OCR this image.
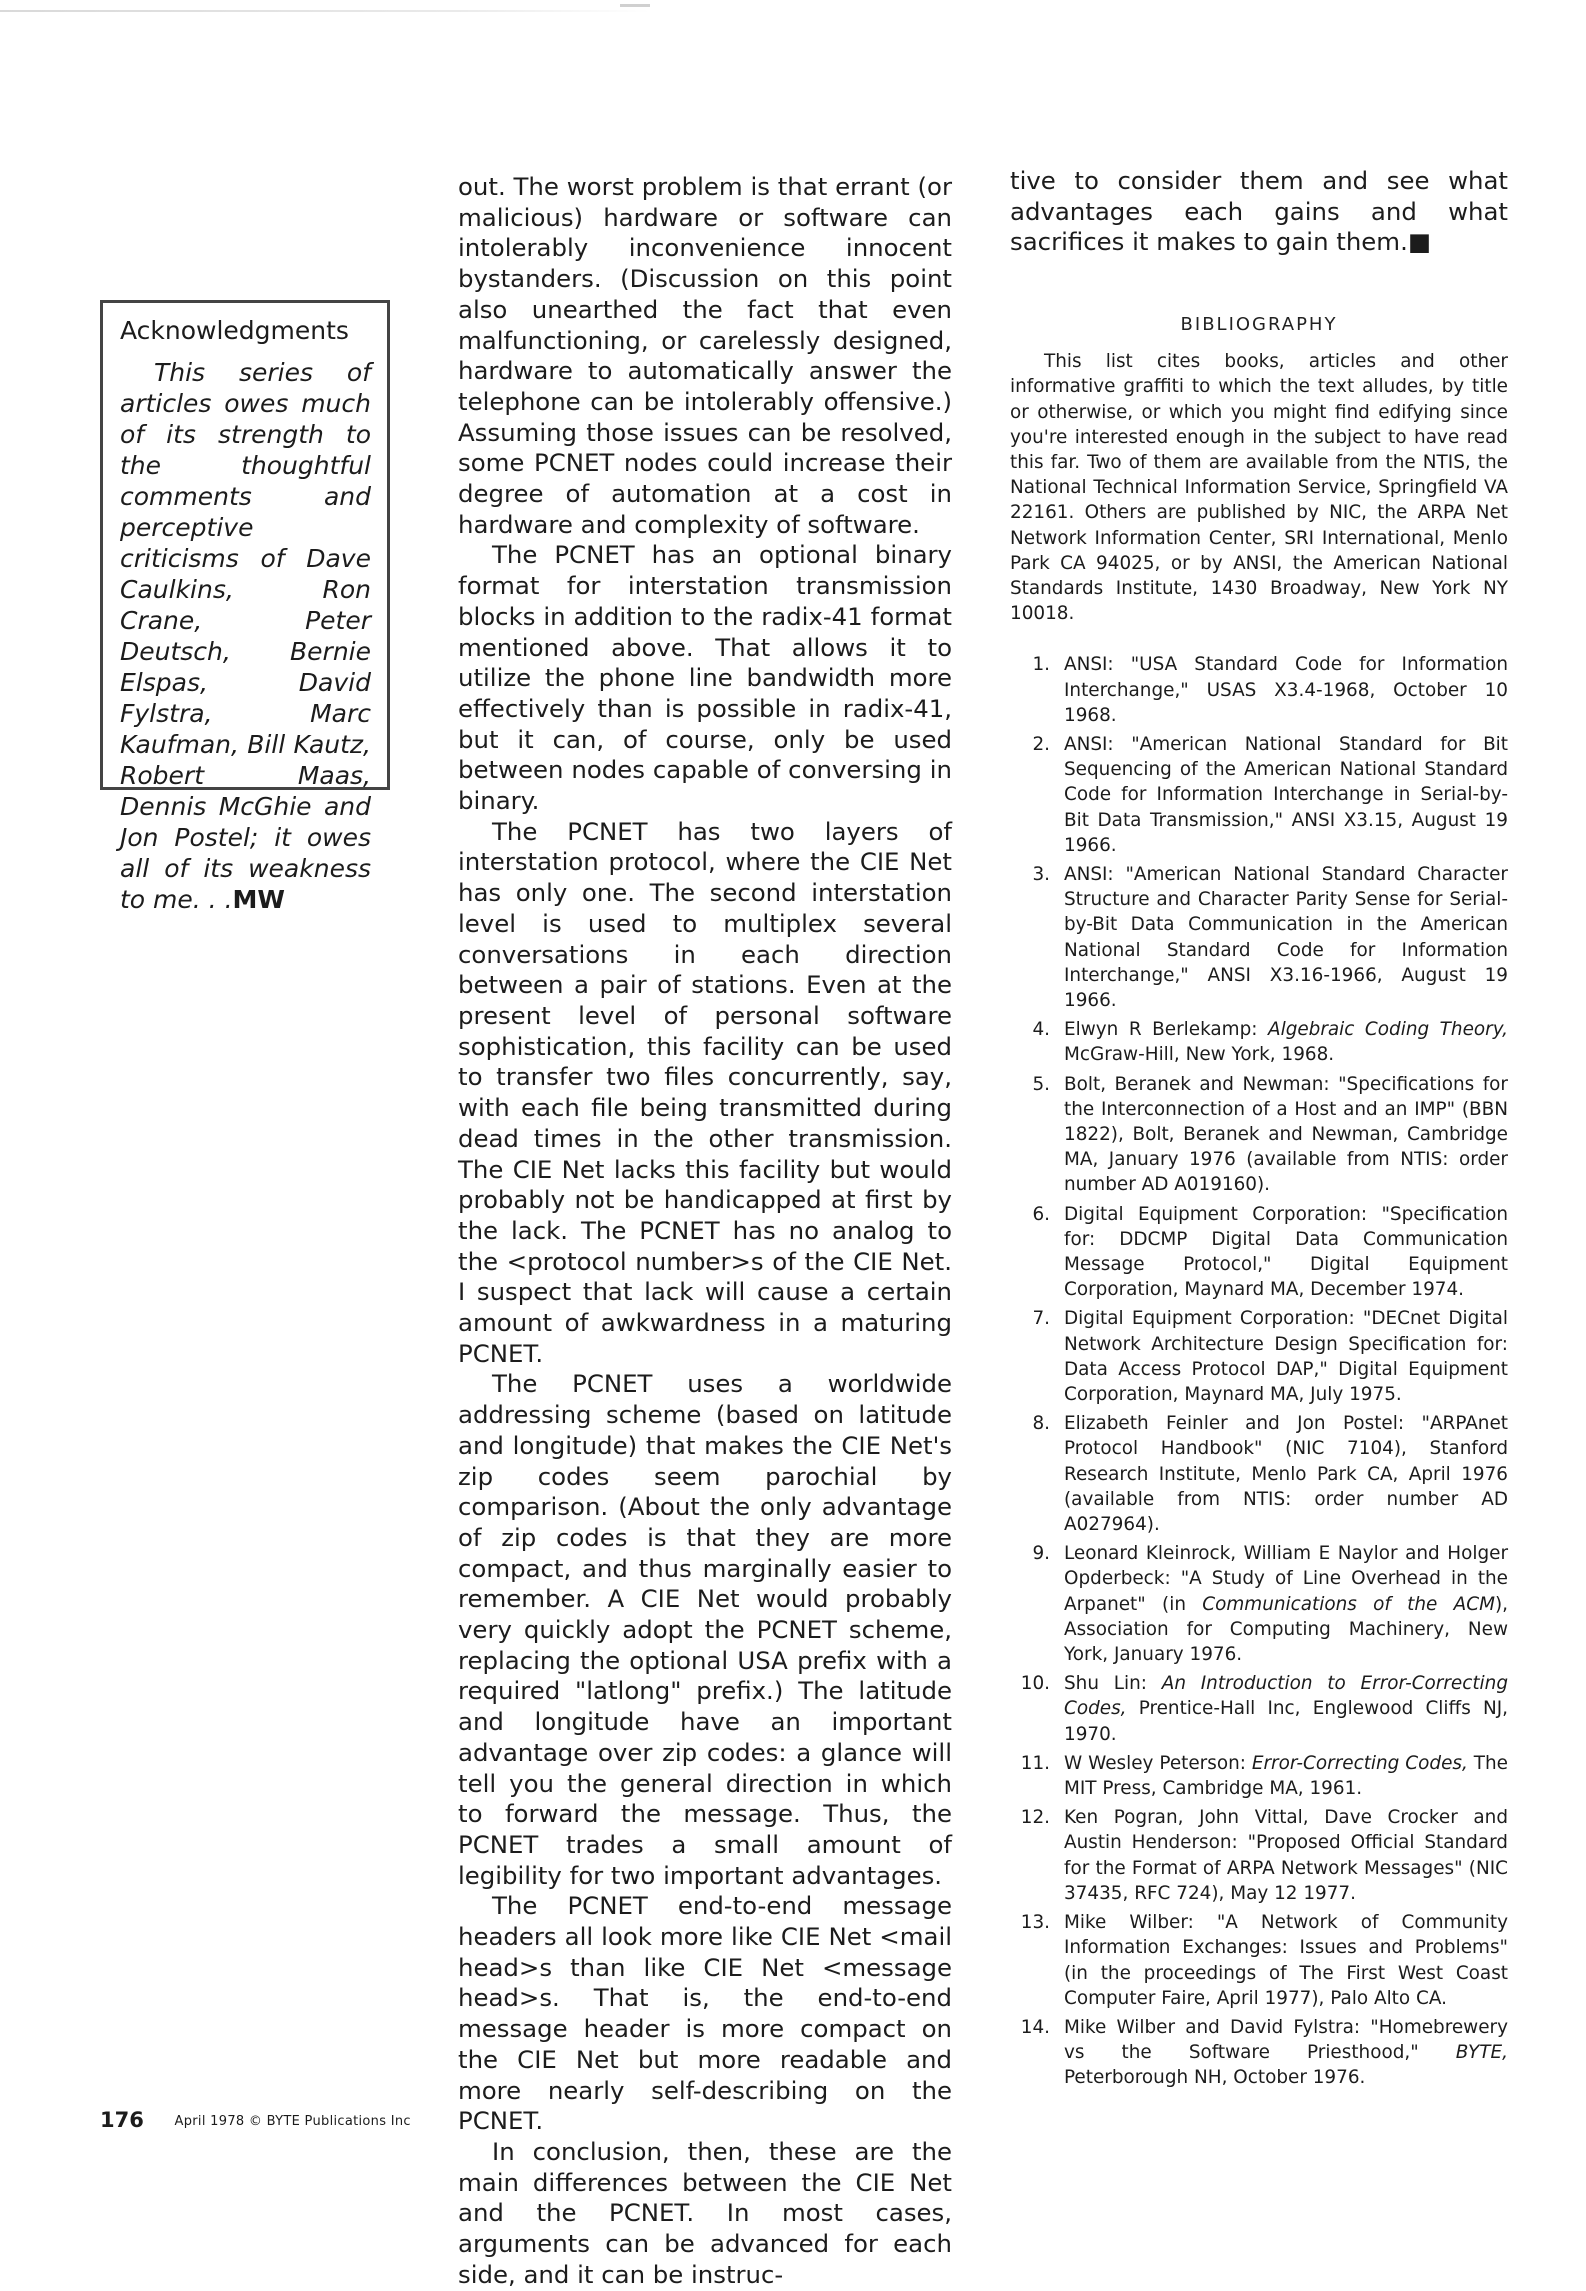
Acknowledgments
This series of articles owes much of its strength to the thoughtful comments and perceptive criticisms of Dave Caulkins, Ron Crane, Peter Deutsch, Bernie Elspas, David Fylstra, Marc Kaufman, Bill Kautz, Robert Maas, Dennis McGhie and Jon Postel; it owes all of its weakness to me. . .MW

out. The worst problem is that errant (or malicious) hardware or software can intolerably inconvenience innocent bystanders. (Discussion on this point also unearthed the fact that even malfunctioning, or carelessly designed, hardware to automatically answer the telephone can be intolerably offensive.) Assuming those issues can be resolved, some PCNET nodes could increase their degree of automation at a cost in hardware and complexity of software.

The PCNET has an optional binary format for interstation transmission blocks in addition to the radix-41 format mentioned above. That allows it to utilize the phone line bandwidth more effectively than is possible in radix-41, but it can, of course, only be used between nodes capable of conversing in binary.

The PCNET has two layers of interstation protocol, where the CIE Net has only one. The second interstation level is used to multiplex several conversations in each direction between a pair of stations. Even at the present level of personal software sophistication, this facility can be used to transfer two files concurrently, say, with each file being transmitted during dead times in the other transmission. The CIE Net lacks this facility but would probably not be handicapped at first by the lack. The PCNET has no analog to the <protocol number>s of the CIE Net. I suspect that lack will cause a certain amount of awkwardness in a maturing PCNET.

The PCNET uses a worldwide addressing scheme (based on latitude and longitude) that makes the CIE Net's zip codes seem parochial by comparison. (About the only advantage of zip codes is that they are more compact, and thus marginally easier to remember. A CIE Net would probably very quickly adopt the PCNET scheme, replacing the optional USA prefix with a required "latlong" prefix.) The latitude and longitude have an important advantage over zip codes: a glance will tell you the general direction in which to forward the message. Thus, the PCNET trades a small amount of legibility for two important advantages.

The PCNET end-to-end message headers all look more like CIE Net <mail head>s than like CIE Net <message head>s. That is, the end-to-end message header is more compact on the CIE Net but more readable and more nearly self-describing on the PCNET.

In conclusion, then, these are the main differences between the CIE Net and the PCNET. In most cases, arguments can be advanced for each side, and it can be instruc-

tive to consider them and see what advantages each gains and what sacrifices it makes to gain them.■

BIBLIOGRAPHY

This list cites books, articles and other informative graffiti to which the text alludes, by title or otherwise, or which you might find edifying since you're interested enough in the subject to have read this far. Two of them are available from the NTIS, the National Technical Information Service, Springfield VA 22161. Others are published by NIC, the ARPA Net Network Information Center, SRI International, Menlo Park CA 94025, or by ANSI, the American National Standards Institute, 1430 Broadway, New York NY 10018.

1. ANSI: "USA Standard Code for Information Interchange," USAS X3.4-1968, October 10 1968.
2. ANSI: "American National Standard for Bit Sequencing of the American National Standard Code for Information Interchange in Serial-by-Bit Data Transmission," ANSI X3.15, August 19 1966.
3. ANSI: "American National Standard Character Structure and Character Parity Sense for Serial-by-Bit Data Communication in the American National Standard Code for Information Interchange," ANSI X3.16-1966, August 19 1966.
4. Elwyn R Berlekamp: Algebraic Coding Theory, McGraw-Hill, New York, 1968.
5. Bolt, Beranek and Newman: "Specifications for the Interconnection of a Host and an IMP" (BBN 1822), Bolt, Beranek and Newman, Cambridge MA, January 1976 (available from NTIS: order number AD A019160).
6. Digital Equipment Corporation: "Specification for: DDCMP Digital Data Communication Message Protocol," Digital Equipment Corporation, Maynard MA, December 1974.
7. Digital Equipment Corporation: "DECnet Digital Network Architecture Design Specification for: Data Access Protocol DAP," Digital Equipment Corporation, Maynard MA, July 1975.
8. Elizabeth Feinler and Jon Postel: "ARPAnet Protocol Handbook" (NIC 7104), Stanford Research Institute, Menlo Park CA, April 1976 (available from NTIS: order number AD A027964).
9. Leonard Kleinrock, William E Naylor and Holger Opderbeck: "A Study of Line Overhead in the Arpanet" (in Communications of the ACM), Association for Computing Machinery, New York, January 1976.
10. Shu Lin: An Introduction to Error-Correcting Codes, Prentice-Hall Inc, Englewood Cliffs NJ, 1970.
11. W Wesley Peterson: Error-Correcting Codes, The MIT Press, Cambridge MA, 1961.
12. Ken Pogran, John Vittal, Dave Crocker and Austin Henderson: "Proposed Official Standard for the Format of ARPA Network Messages" (NIC 37435, RFC 724), May 12 1977.
13. Mike Wilber: "A Network of Community Information Exchanges: Issues and Problems" (in the proceedings of The First West Coast Computer Faire, April 1977), Palo Alto CA.
14. Mike Wilber and David Fylstra: "Homebrewery vs the Software Priesthood," BYTE, Peterborough NH, October 1976.
176 April 1978 © BYTE Publications Inc
